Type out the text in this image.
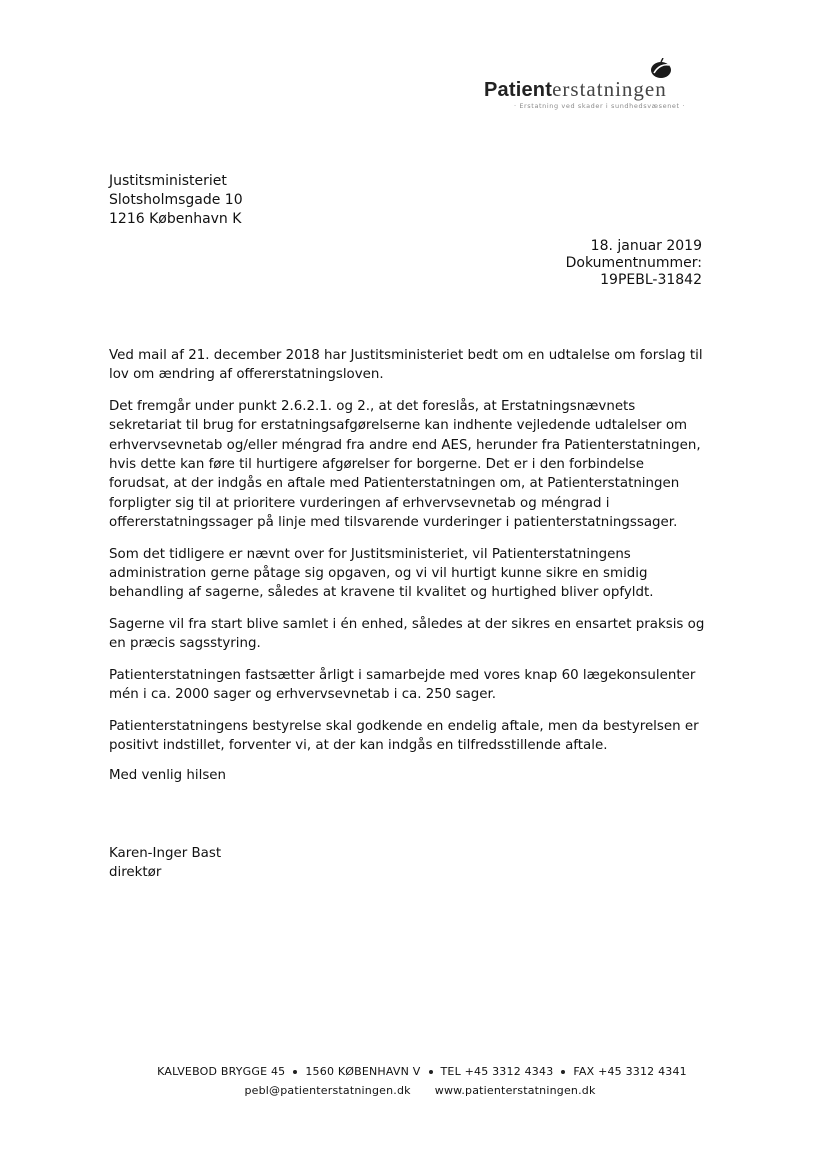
Patienterstatningen
· Erstatning ved skader i sundhedsvæsenet ·
Justitsministeriet
Slotsholmsgade 10
1216 København K
18. januar 2019
Dokumentnummer:
19PEBL-31842

Ved mail af 21. december 2018 har Justitsministeriet bedt om en udtalelse om forslag til lov om ændring af offererstatningsloven.

Det fremgår under punkt 2.6.2.1. og 2., at det foreslås, at Erstatningsnævnets sekretariat til brug for erstatningsafgørelserne kan indhente vejledende udtalelser om erhvervsevnetab og/eller méngrad fra andre end AES, herunder fra Patienterstatningen, hvis dette kan føre til hurtigere afgørelser for borgerne. Det er i den forbindelse forudsat, at der indgås en aftale med Patienterstatningen om, at Patienterstatningen forpligter sig til at prioritere vurderingen af erhvervsevnetab og méngrad i offererstatningssager på linje med tilsvarende vurderinger i patienterstatningssager.

Som det tidligere er nævnt over for Justitsministeriet, vil Patienterstatningens administration gerne påtage sig opgaven, og vi vil hurtigt kunne sikre en smidig behandling af sagerne, således at kravene til kvalitet og hurtighed bliver opfyldt.

Sagerne vil fra start blive samlet i én enhed, således at der sikres en ensartet praksis og en præcis sagsstyring.

Patienterstatningen fastsætter årligt i samarbejde med vores knap 60 lægekonsulenter mén i ca. 2000 sager og erhvervsevnetab i ca. 250 sager.

Patienterstatningens bestyrelse skal godkende en endelig aftale, men da bestyrelsen er positivt indstillet, forventer vi, at der kan indgås en tilfredsstillende aftale.

Med venlig hilsen
Karen-Inger Bast
direktør
KALVEBOD BRYGGE 45 1560 KØBENHAVN V TEL +45 3312 4343 FAX +45 3312 4341
pebl@patienterstatningen.dk www.patienterstatningen.dk
